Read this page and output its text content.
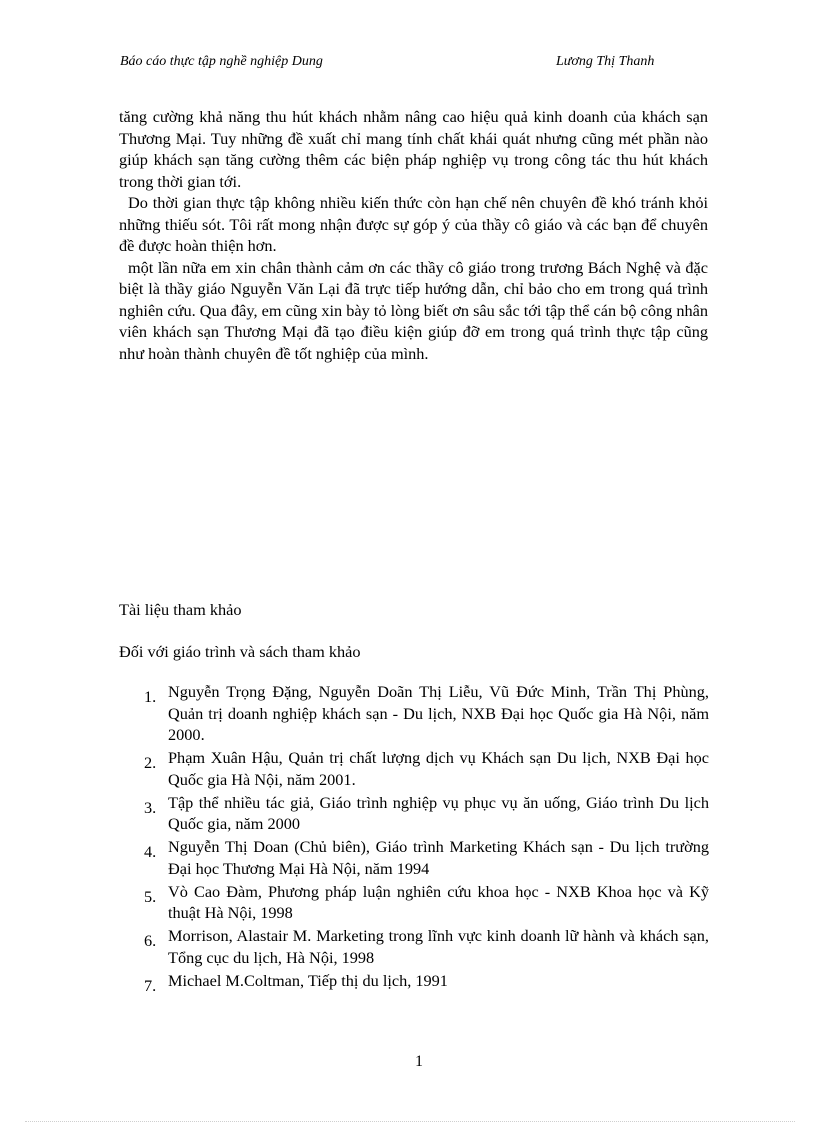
Báo cáo thực tập nghề nghiệp Dung	Lương Thị Thanh

tăng cường khả năng thu hút khách nhằm nâng cao hiệu quả kinh doanh của khách sạn Thương Mại. Tuy những đề xuất chỉ mang tính chất khái quát nhưng cũng mét phần nào giúp khách sạn tăng cường thêm các biện pháp nghiệp vụ trong công tác thu hút khách trong thời gian tới.

Do thời gian thực tập không nhiều kiến thức còn hạn chế nên chuyên đề khó tránh khỏi những thiếu sót. Tôi rất mong nhận được sự góp ý của thầy cô giáo và các bạn để chuyên đề được hoàn thiện hơn.

một lần nữa em xin chân thành cảm ơn các thầy cô giáo trong trương Bách Nghệ và đặc biệt là thầy giáo Nguyễn Văn Lại đã trực tiếp hướng dẫn, chỉ bảo cho em trong quá trình nghiên cứu. Qua đây, em cũng xin bày tỏ lòng biết ơn sâu sắc tới tập thể cán bộ công nhân viên khách sạn Thương Mại đã tạo điều kiện giúp đỡ em trong quá trình thực tập cũng như hoàn thành chuyên đề tốt nghiệp của mình.

Tài liệu tham khảo
Đối với giáo trình và sách tham khảo
1. Nguyễn Trọng Đặng, Nguyễn Doãn Thị Liễu, Vũ Đức Minh, Trần Thị Phùng, Quản trị doanh nghiệp khách sạn - Du lịch, NXB Đại học Quốc gia Hà Nội, năm 2000.
2. Phạm Xuân Hậu, Quản trị chất lượng dịch vụ Khách sạn Du lịch, NXB Đại học Quốc gia Hà Nội, năm 2001.
3. Tập thể nhiều tác giả, Giáo trình nghiệp vụ phục vụ ăn uống, Giáo trình Du lịch Quốc gia, năm 2000
4. Nguyễn Thị Doan (Chủ biên), Giáo trình Marketing Khách sạn - Du lịch trường Đại học Thương Mại Hà Nội, năm 1994
5. Vò Cao Đàm, Phương pháp luận nghiên cứu khoa học - NXB Khoa học và Kỹ thuật Hà Nội, 1998
6. Morrison, Alastair M. Marketing trong lĩnh vực kinh doanh lữ hành và khách sạn, Tổng cục du lịch, Hà Nội, 1998
7. Michael M.Coltman, Tiếp thị du lịch, 1991
1
